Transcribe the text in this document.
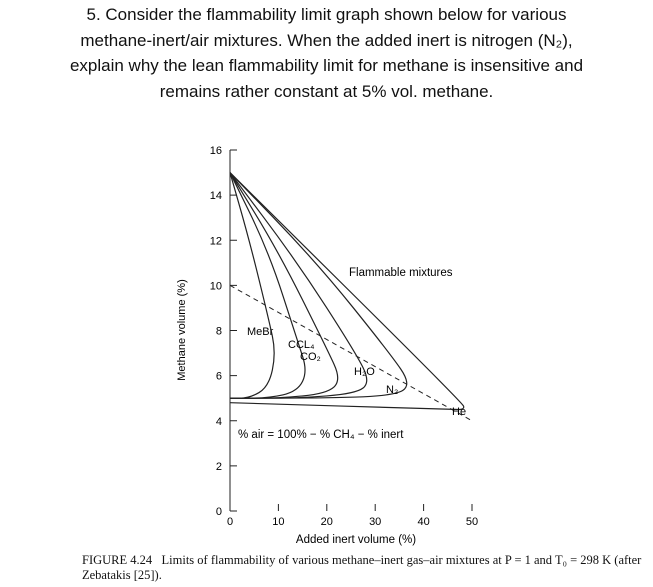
5. Consider the flammability limit graph shown below for various
methane-inert/air mixtures. When the added inert is nitrogen (N₂),
explain why the lean flammability limit for methane is insensitive and
remains rather constant at 5% vol. methane.
0
2
4
6
8
10
12
14
16
0	10	20	30	40	50
Methane volume (%)
Added inert volume (%)
Flammable mixtures
% air = 100% − % CH₄ − % inert
MeBr
CCL₄
CO₂
H₂O
N₂
He
FIGURE 4.24 Limits of flammability of various methane–inert gas–air mixtures at P = 1 and T₀ = 298 K (after Zebatakis [25]).
